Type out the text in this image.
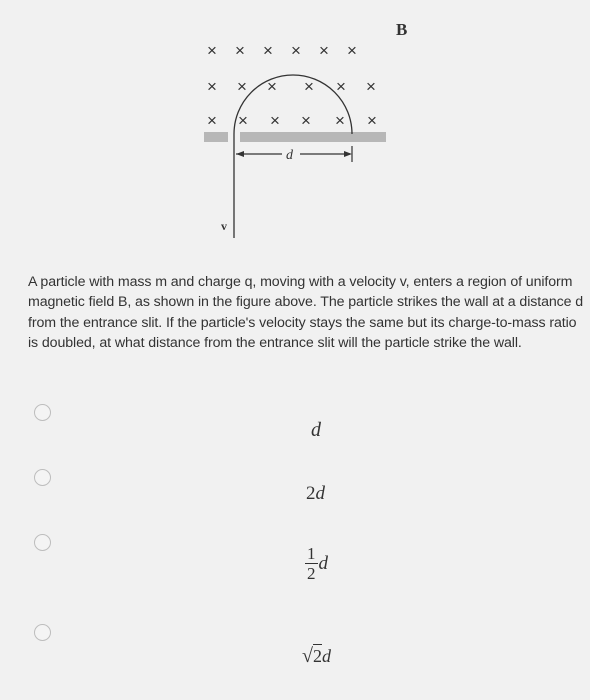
B
× × × × × ×
× × × × × ×
× × × × × ×
d
v
A particle with mass m and charge q, moving with a velocity v, enters a region of uniform magnetic field B, as shown in the figure above. The particle strikes the wall at a distance d from the entrance slit. If the particle's velocity stays the same but its charge-to-mass ratio is doubled, at what distance from the entrance slit will the particle strike the wall.
d
2d
$\frac{1}{2}$ d
√2d
